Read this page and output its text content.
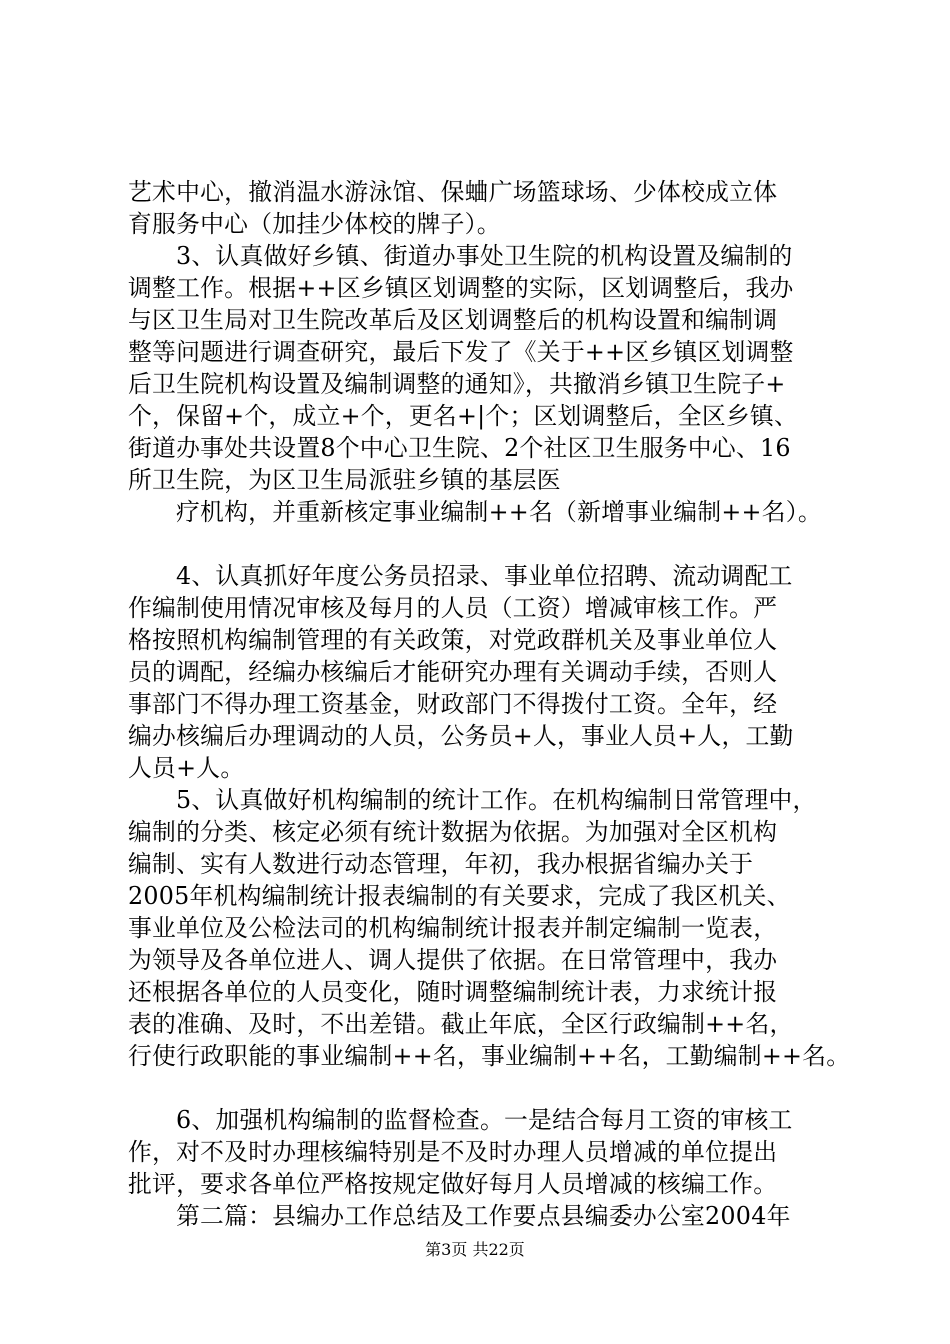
艺术中心，撤消温水游泳馆、保蛐广场篮球场、少体校成立体
育服务中心（加挂少体校的牌子）。
3、认真做好乡镇、街道办事处卫生院的机构设置及编制的
调整工作。根据++区乡镇区划调整的实际，区划调整后，我办
与区卫生局对卫生院改革后及区划调整后的机构设置和编制调
整等问题进行调查研究，最后下发了《关于++区乡镇区划调整
后卫生院机构设置及编制调整的通知》，共撤消乡镇卫生院子+
个，保留+个，成立+个，更名+|个；区划调整后，全区乡镇、
街道办事处共设置8个中心卫生院、2个社区卫生服务中心、16
所卫生院，为区卫生局派驻乡镇的基层医
疗机构，并重新核定事业编制++名（新增事业编制++名）。
4、认真抓好年度公务员招录、事业单位招聘、流动调配工
作编制使用情况审核及每月的人员（工资）增减审核工作。严
格按照机构编制管理的有关政策，对党政群机关及事业单位人
员的调配，经编办核编后才能研究办理有关调动手续，否则人
事部门不得办理工资基金，财政部门不得拨付工资。全年，经
编办核编后办理调动的人员，公务员+人，事业人员+人，工勤
人员+人。
5、认真做好机构编制的统计工作。在机构编制日常管理中，
编制的分类、核定必须有统计数据为依据。为加强对全区机构
编制、实有人数进行动态管理，年初，我办根据省编办关于
2005年机构编制统计报表编制的有关要求，完成了我区机关、
事业单位及公检法司的机构编制统计报表并制定编制一览表，
为领导及各单位进人、调人提供了依据。在日常管理中，我办
还根据各单位的人员变化，随时调整编制统计表，力求统计报
表的准确、及时，不出差错。截止年底，全区行政编制++名，
行使行政职能的事业编制++名，事业编制++名，工勤编制++名。
6、加强机构编制的监督检查。一是结合每月工资的审核工
作，对不及时办理核编特别是不及时办理人员增减的单位提出
批评，要求各单位严格按规定做好每月人员增减的核编工作。
第二篇：县编办工作总结及工作要点县编委办公室2004年
第3页 共22页
